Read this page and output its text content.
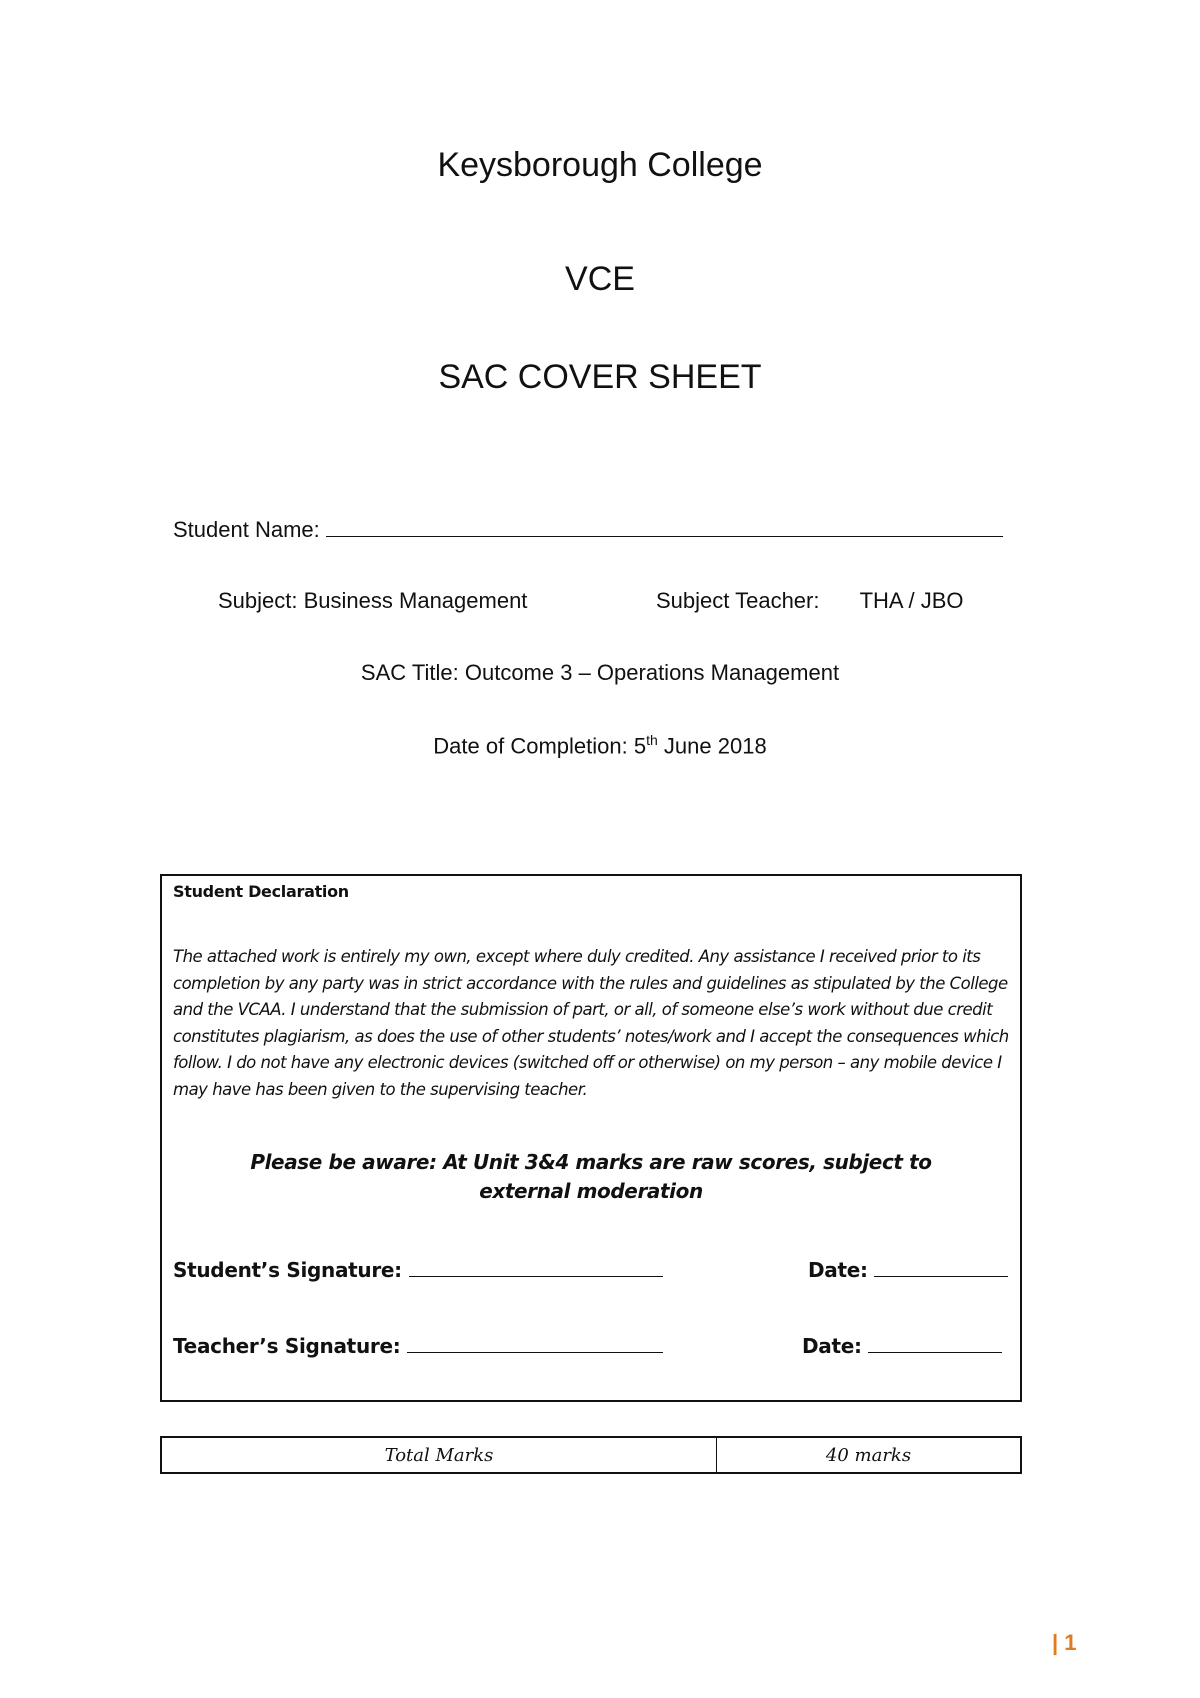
Keysborough College
VCE
SAC COVER SHEET
Student Name:
Subject: Business Management	Subject Teacher: THA / JBO
SAC Title: Outcome 3 – Operations Management
Date of Completion: 5th June 2018
Student Declaration
The attached work is entirely my own, except where duly credited. Any assistance I received prior to its completion by any party was in strict accordance with the rules and guidelines as stipulated by the College and the VCAA. I understand that the submission of part, or all, of someone else’s work without due credit constitutes plagiarism, as does the use of other students’ notes/work and I accept the consequences which follow. I do not have any electronic devices (switched off or otherwise) on my person – any mobile device I may have has been given to the supervising teacher.
Please be aware: At Unit 3&4 marks are raw scores, subject to external moderation
Student’s Signature:	Date:
Teacher’s Signature:	Date:
Total Marks	40 marks
| 1
